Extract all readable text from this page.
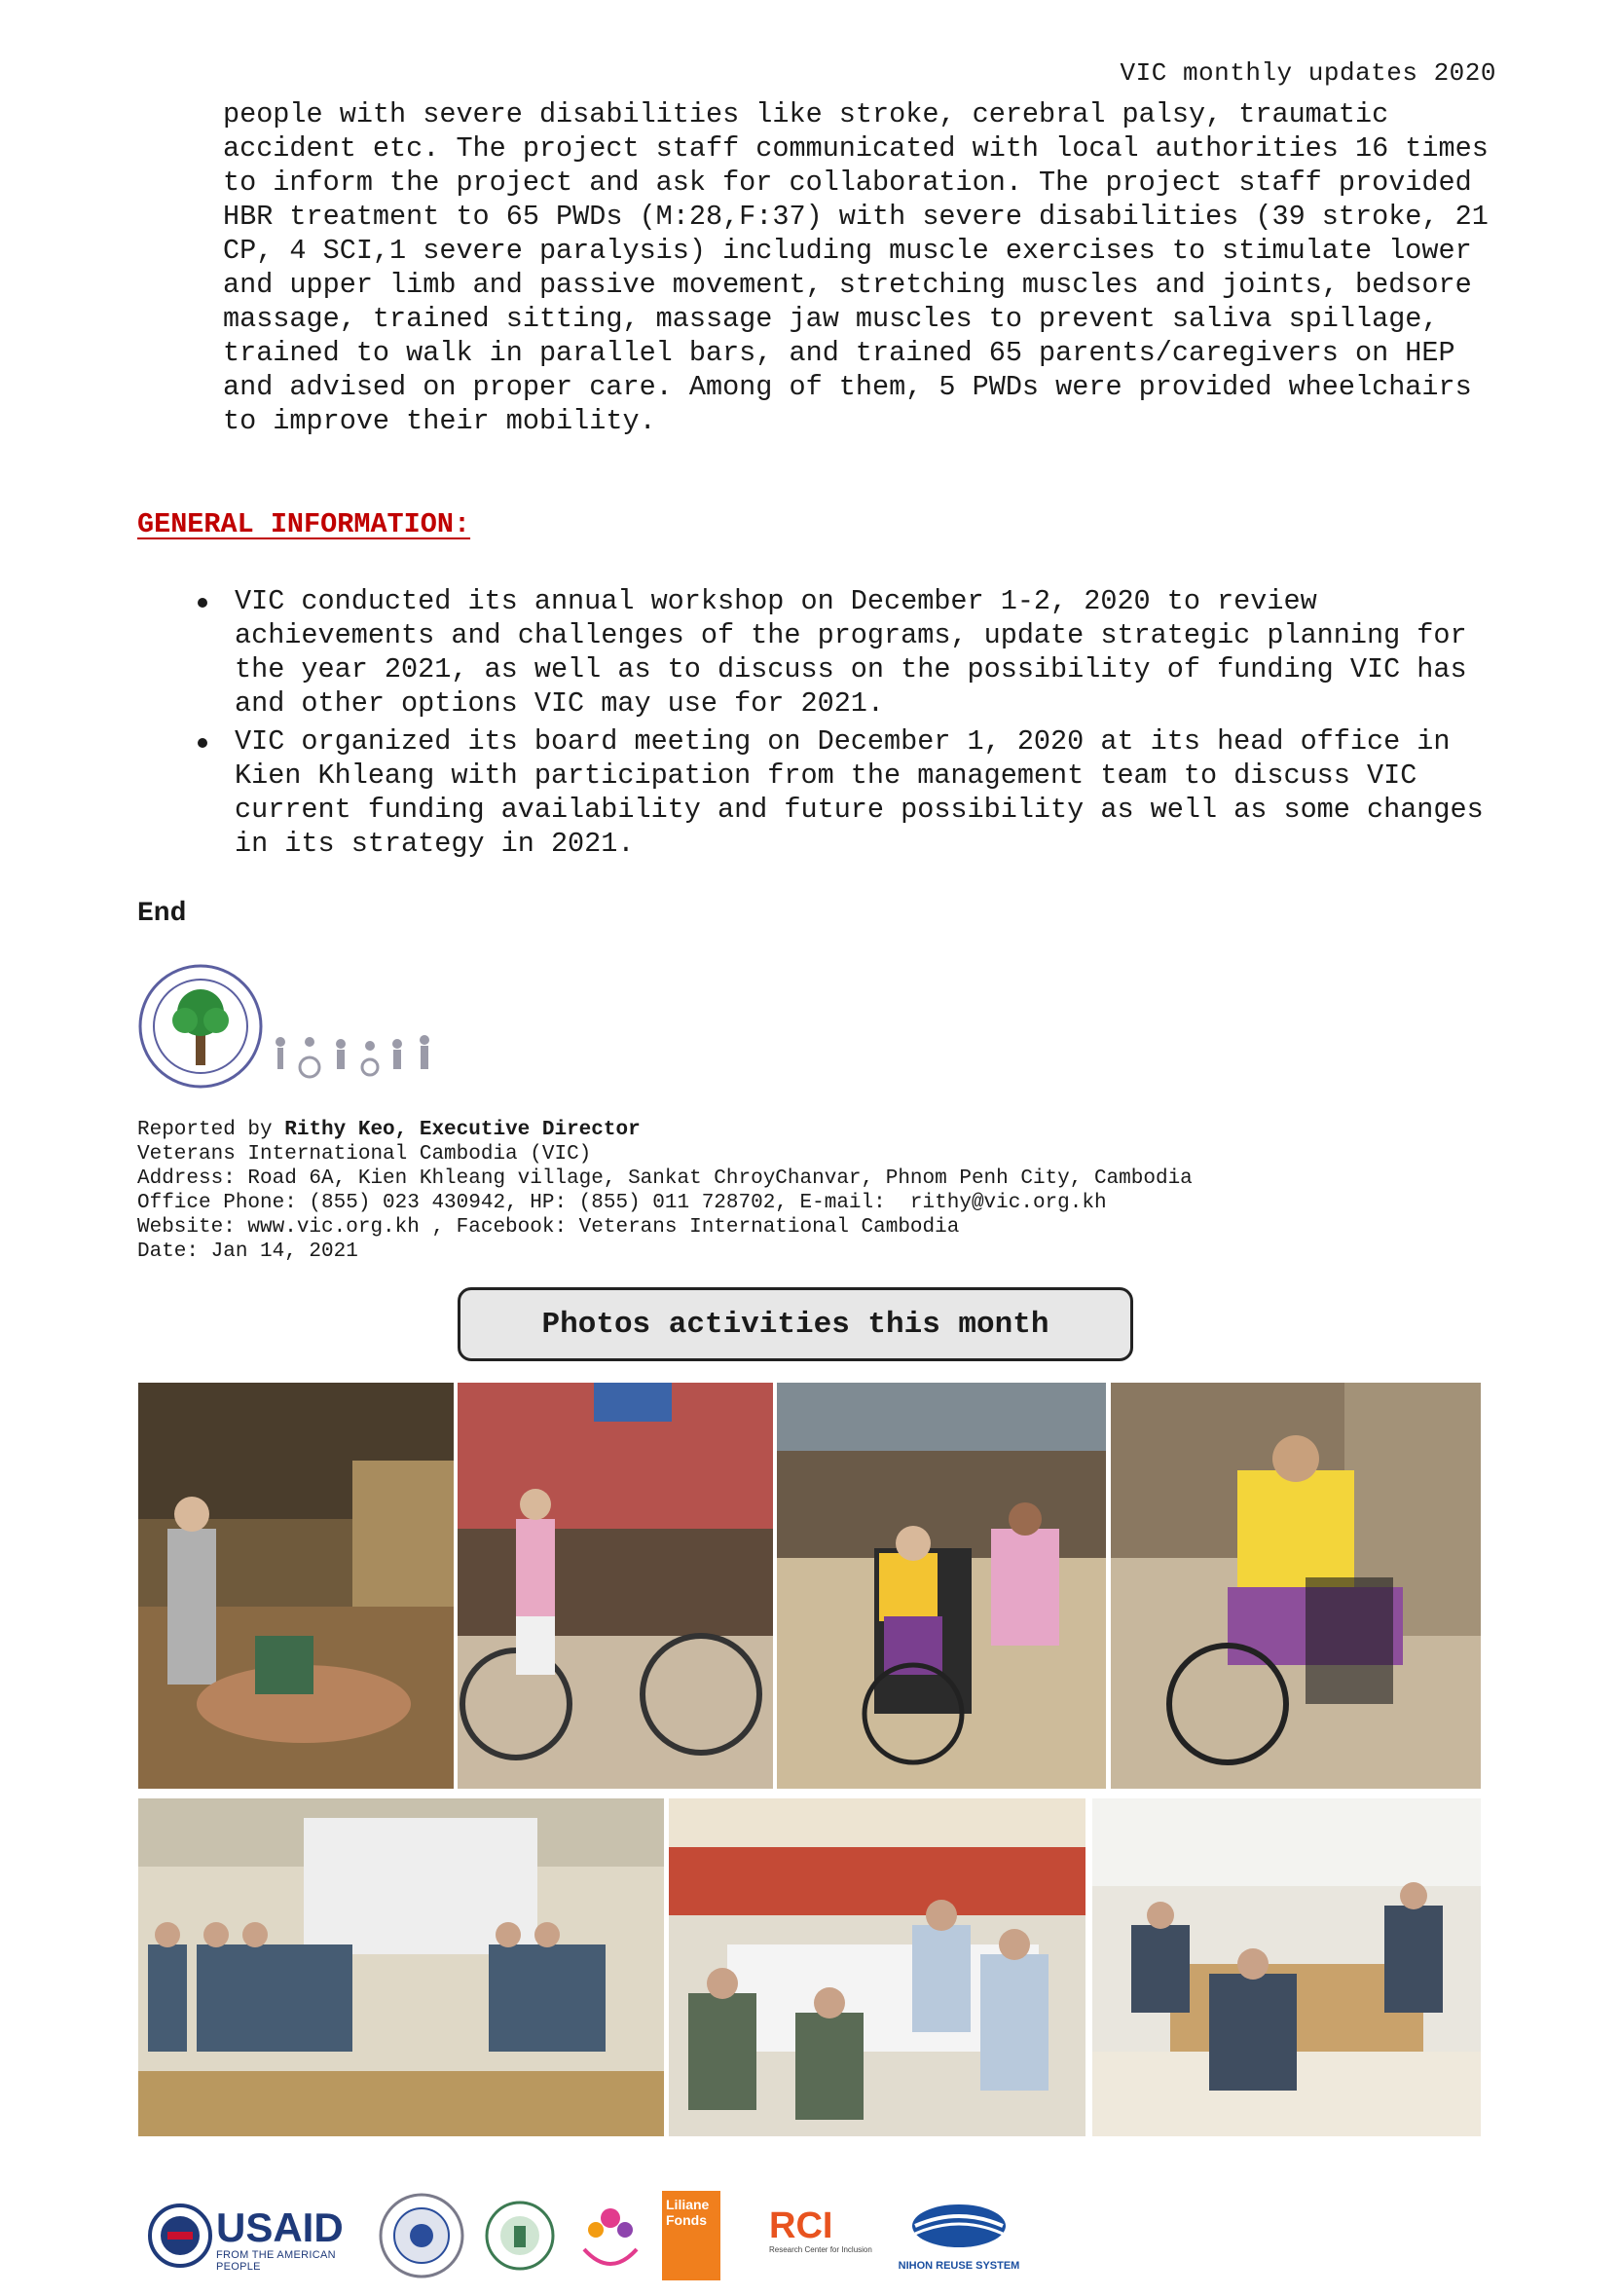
VIC monthly updates 2020

people with severe disabilities like stroke, cerebral palsy, traumatic accident etc. The project staff communicated with local authorities 16 times to inform the project and ask for collaboration. The project staff provided HBR treatment to 65 PWDs (M:28,F:37) with severe disabilities (39 stroke, 21 CP, 4 SCI,1 severe paralysis) including muscle exercises to stimulate lower and upper limb and passive movement, stretching muscles and joints, bedsore massage, trained sitting, massage jaw muscles to prevent saliva spillage, trained to walk in parallel bars, and trained 65 parents/caregivers on HEP and advised on proper care. Among of them, 5 PWDs were provided wheelchairs to improve their mobility.

GENERAL INFORMATION:
VIC conducted its annual workshop on December 1-2, 2020 to review achievements and challenges of the programs, update strategic planning for the year 2021, as well as to discuss on the possibility of funding VIC has and other options VIC may use for 2021.
VIC organized its board meeting on December 1, 2020 at its head office in Kien Khleang with participation from the management team to discuss VIC current funding availability and future possibility as well as some changes in its strategy in 2021.
End
Reported by Rithy Keo, Executive Director
Veterans International Cambodia (VIC)
Address: Road 6A, Kien Khleang village, Sankat ChroyChanvar, Phnom Penh City, Cambodia
Office Phone: (855) 023 430942, HP: (855) 011 728702, E-mail:  rithy@vic.org.kh
Website: www.vic.org.kh , Facebook: Veterans International Cambodia
Date: Jan 14, 2021
Photos activities this month
USAID
FROM THE AMERICAN PEOPLE
Liliane Fonds	RCI
Research Center for Inclusion
NIHON REUSE SYSTEM
